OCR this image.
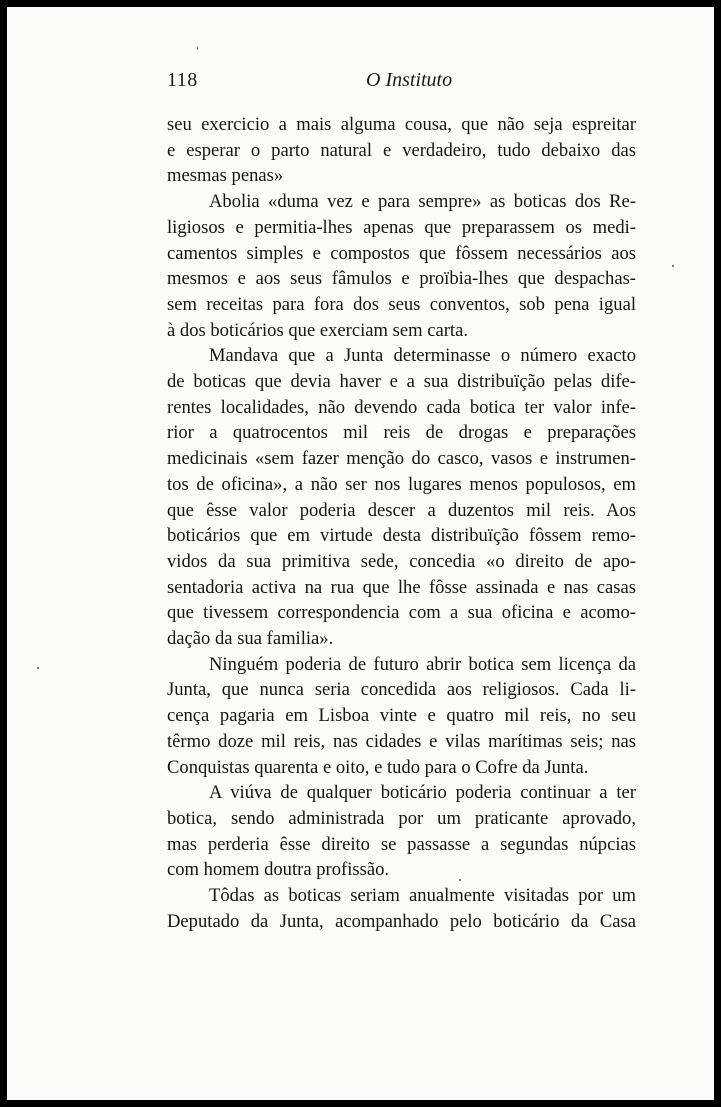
118	O Instituto
seu exercicio a mais alguma cousa, que não seja espreitar
e esperar o parto natural e verdadeiro, tudo debaixo das
mesmas penas»
Abolia «duma vez e para sempre» as boticas dos Re-
ligiosos e permitia-lhes apenas que preparassem os medi-
camentos simples e compostos que fôssem necessários aos
mesmos e aos seus fâmulos e proïbia-lhes que despachas-
sem receitas para fora dos seus conventos, sob pena igual
à dos boticários que exerciam sem carta.
Mandava que a Junta determinasse o número exacto
de boticas que devia haver e a sua distribuïção pelas dife-
rentes localidades, não devendo cada botica ter valor infe-
rior a quatrocentos mil reis de drogas e preparações
medicinais «sem fazer menção do casco, vasos e instrumen-
tos de oficina», a não ser nos lugares menos populosos, em
que êsse valor poderia descer a duzentos mil reis. Aos
boticários que em virtude desta distribuïção fôssem remo-
vidos da sua primitiva sede, concedia «o direito de apo-
sentadoria activa na rua que lhe fôsse assinada e nas casas
que tivessem correspondencia com a sua oficina e acomo-
dação da sua familia».
Ninguém poderia de futuro abrir botica sem licença da
Junta, que nunca seria concedida aos religiosos. Cada li-
cença pagaria em Lisboa vinte e quatro mil reis, no seu
têrmo doze mil reis, nas cidades e vilas marítimas seis; nas
Conquistas quarenta e oito, e tudo para o Cofre da Junta.
A viúva de qualquer boticário poderia continuar a ter
botica, sendo administrada por um praticante aprovado,
mas perderia êsse direito se passasse a segundas núpcias
com homem doutra profissão.
Tôdas as boticas seriam anualmente visitadas por um
Deputado da Junta, acompanhado pelo boticário da Casa
